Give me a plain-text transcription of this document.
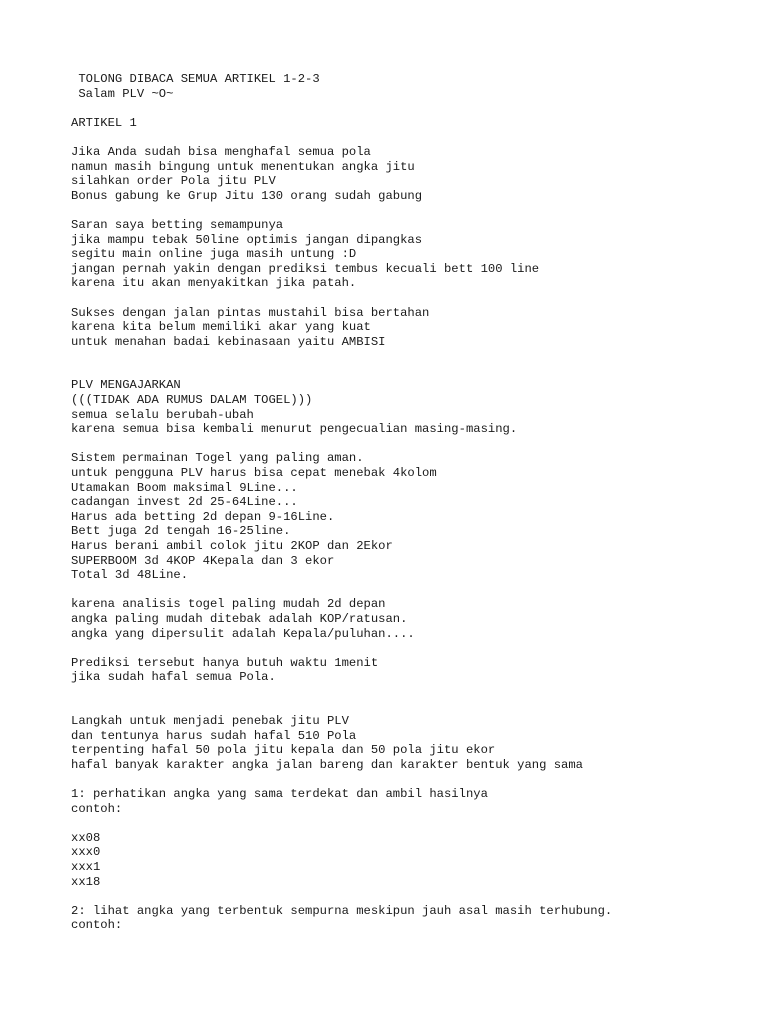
TOLONG DIBACA SEMUA ARTIKEL 1-2-3
Salam PLV ~O~
ARTIKEL 1
Jika Anda sudah bisa menghafal semua pola
namun masih bingung untuk menentukan angka jitu
silahkan order Pola jitu PLV
Bonus gabung ke Grup Jitu 130 orang sudah gabung
Saran saya betting semampunya
jika mampu tebak 50line optimis jangan dipangkas
segitu main online juga masih untung :D
jangan pernah yakin dengan prediksi tembus kecuali bett 100 line
karena itu akan menyakitkan jika patah.
Sukses dengan jalan pintas mustahil bisa bertahan
karena kita belum memiliki akar yang kuat
untuk menahan badai kebinasaan yaitu AMBISI
PLV MENGAJARKAN
(((TIDAK ADA RUMUS DALAM TOGEL)))
semua selalu berubah-ubah
karena semua bisa kembali menurut pengecualian masing-masing.
Sistem permainan Togel yang paling aman.
untuk pengguna PLV harus bisa cepat menebak 4kolom
Utamakan Boom maksimal 9Line...
cadangan invest 2d 25-64Line...
Harus ada betting 2d depan 9-16Line.
Bett juga 2d tengah 16-25line.
Harus berani ambil colok jitu 2KOP dan 2Ekor
SUPERBOOM 3d 4KOP 4Kepala dan 3 ekor
Total 3d 48Line.
karena analisis togel paling mudah 2d depan
angka paling mudah ditebak adalah KOP/ratusan.
angka yang dipersulit adalah Kepala/puluhan....
Prediksi tersebut hanya butuh waktu 1menit
jika sudah hafal semua Pola.
Langkah untuk menjadi penebak jitu PLV
dan tentunya harus sudah hafal 510 Pola
terpenting hafal 50 pola jitu kepala dan 50 pola jitu ekor
hafal banyak karakter angka jalan bareng dan karakter bentuk yang sama
1: perhatikan angka yang sama terdekat dan ambil hasilnya
contoh:
xx08
xxx0
xxx1
xx18
2: lihat angka yang terbentuk sempurna meskipun jauh asal masih terhubung.
contoh:
